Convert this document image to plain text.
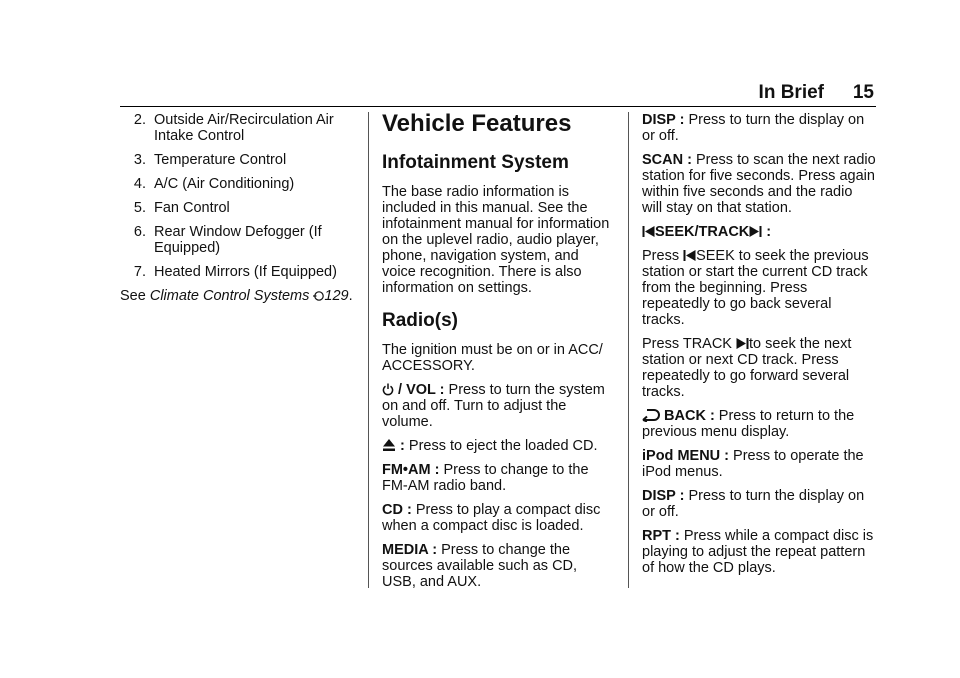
In Brief 15
2. Outside Air/Recirculation Air Intake Control
3. Temperature Control
4. A/C (Air Conditioning)
5. Fan Control
6. Rear Window Defogger (If Equipped)
7. Heated Mirrors (If Equipped)

See Climate Control Systems 129.

Vehicle Features
Infotainment System

The base radio information is included in this manual. See the infotainment manual for information on the uplevel radio, audio player, phone, navigation system, and voice recognition. There is also information on settings.

Radio(s)

The ignition must be on or in ACC/ ACCESSORY.

/ VOL : Press to turn the system on and off. Turn to adjust the volume.

: Press to eject the loaded CD.

FM•AM : Press to change to the FM-AM radio band.

CD : Press to play a compact disc when a compact disc is loaded.

MEDIA : Press to change the sources available such as CD, USB, and AUX.

DISP : Press to turn the display on or off.

SCAN : Press to scan the next radio station for five seconds. Press again within five seconds and the radio will stay on that station.

SEEK/TRACK :

Press SEEK to seek the previous station or start the current CD track from the beginning. Press repeatedly to go back several tracks.

Press TRACK to seek the next station or next CD track. Press repeatedly to go forward several tracks.

BACK : Press to return to the previous menu display.

iPod MENU : Press to operate the iPod menus.

DISP : Press to turn the display on or off.

RPT : Press while a compact disc is playing to adjust the repeat pattern of how the CD plays.
